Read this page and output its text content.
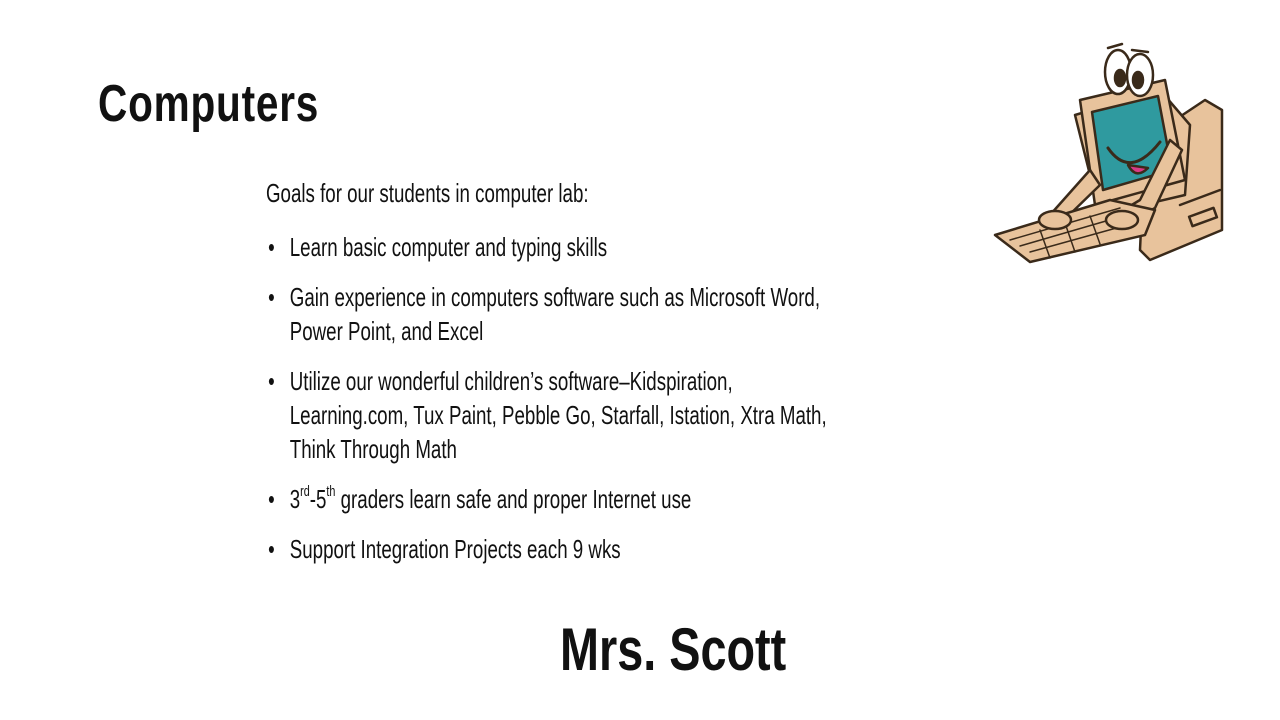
Computers

Goals for our students in computer lab:

• Learn basic computer and typing skills
• Gain experience in computers software such as Microsoft Word,
Power Point, and Excel
• Utilize our wonderful children’s software–Kidspiration,
Learning.com, Tux Paint, Pebble Go, Starfall, Istation, Xtra Math,
Think Through Math
• 3rd-5th graders learn safe and proper Internet use
• Support Integration Projects each 9 wks
Mrs. Scott
